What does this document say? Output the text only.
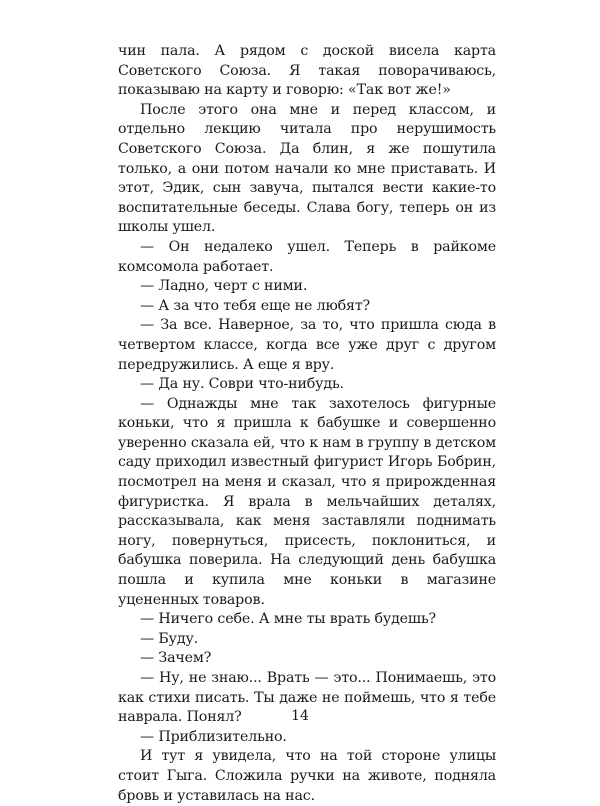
чин пала. А рядом с доской висела карта Советского Союза. Я такая поворачиваюсь, показываю на карту и говорю: «Так вот же!»

После этого она мне и перед классом, и отдельно лекцию читала про нерушимость Советского Союза. Да блин, я же пошутила только, а они потом начали ко мне приставать. И этот, Эдик, сын завуча, пытался вести какие-то воспитательные беседы. Слава богу, теперь он из школы ушел.

— Он недалеко ушел. Теперь в райкоме комсомола работает.

— Ладно, черт с ними.

— А за что тебя еще не любят?

— За все. Наверное, за то, что пришла сюда в четвертом классе, когда все уже друг с другом передружились. А еще я вру.

— Да ну. Соври что-нибудь.

— Однажды мне так захотелось фигурные коньки, что я пришла к бабушке и совершенно уверенно сказала ей, что к нам в группу в детском саду приходил известный фигурист Игорь Бобрин, посмотрел на меня и сказал, что я прирожденная фигуристка. Я врала в мельчайших деталях, рассказывала, как меня заставляли поднимать ногу, повернуться, присесть, поклониться, и бабушка поверила. На следующий день бабушка пошла и купила мне коньки в магазине уцененных товаров.

— Ничего себе. А мне ты врать будешь?

— Буду.

— Зачем?

— Ну, не знаю... Врать — это... Понимаешь, это как стихи писать. Ты даже не поймешь, что я тебе наврала. Понял?

— Приблизительно.

И тут я увидела, что на той стороне улицы стоит Гыга. Сложила ручки на животе, подняла бровь и уставилась на нас.

14
